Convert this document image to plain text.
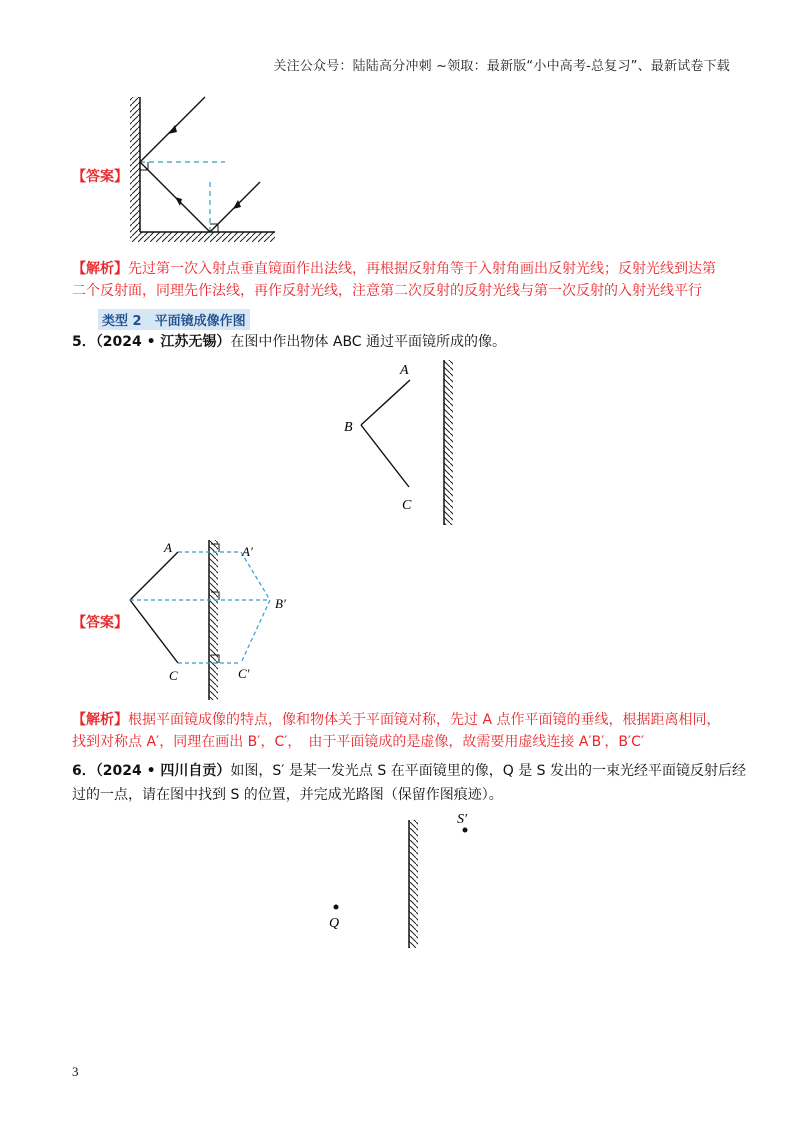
关注公众号：陆陆高分冲刺 ~领取：最新版“小中高考-总复习”、最新试卷下载
【答案】
【解析】先过第一次入射点垂直镜面作出法线，再根据反射角等于入射角画出反射光线；反射光线到达第
二个反射面，同理先作法线，再作反射光线，注意第二次反射的反射光线与第一次反射的入射光线平行
类型 2　平面镜成像作图
5．（2024 • 江苏无锡）在图中作出物体 ABC 通过平面镜所成的像。
A
B
C
【答案】
A
C
A′
B′
C′
【解析】根据平面镜成像的特点，像和物体关于平面镜对称，先过 A 点作平面镜的垂线，根据距离相同，
找到对称点 A′，同理在画出 B′，C′，　由于平面镜成的是虚像，故需要用虚线连接 A′B′，B′C′
6．（2024 • 四川自贡）如图，S′ 是某一发光点 S 在平面镜里的像，Q 是 S 发出的一束光经平面镜反射后经
过的一点，请在图中找到 S 的位置，并完成光路图（保留作图痕迹）。
S′
Q
3
